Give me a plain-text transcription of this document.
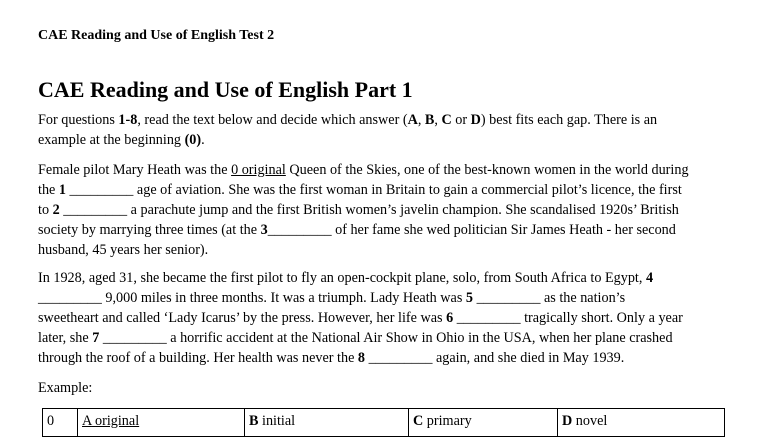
CAE Reading and Use of English Test 2
CAE Reading and Use of English Part 1
For questions 1-8, read the text below and decide which answer (A, B, C or D) best fits each gap. There is an
example at the beginning (0).
Female pilot Mary Heath was the 0 original Queen of the Skies, one of the best-known women in the world during
the 1 _________ age of aviation. She was the first woman in Britain to gain a commercial pilot’s licence, the first
to 2 _________ a parachute jump and the first British women’s javelin champion. She scandalised 1920s’ British
society by marrying three times (at the 3_________ of her fame she wed politician Sir James Heath - her second
husband, 45 years her senior).
In 1928, aged 31, she became the first pilot to fly an open-cockpit plane, solo, from South Africa to Egypt, 4
_________ 9,000 miles in three months. It was a triumph. Lady Heath was 5 _________ as the nation’s
sweetheart and called ‘Lady Icarus’ by the press. However, her life was 6 _________ tragically short. Only a year
later, she 7 _________ a horrific accident at the National Air Show in Ohio in the USA, when her plane crashed
through the roof of a building. Her health was never the 8 _________ again, and she died in May 1939.
Example:
0	A original	B initial	C primary	D novel
